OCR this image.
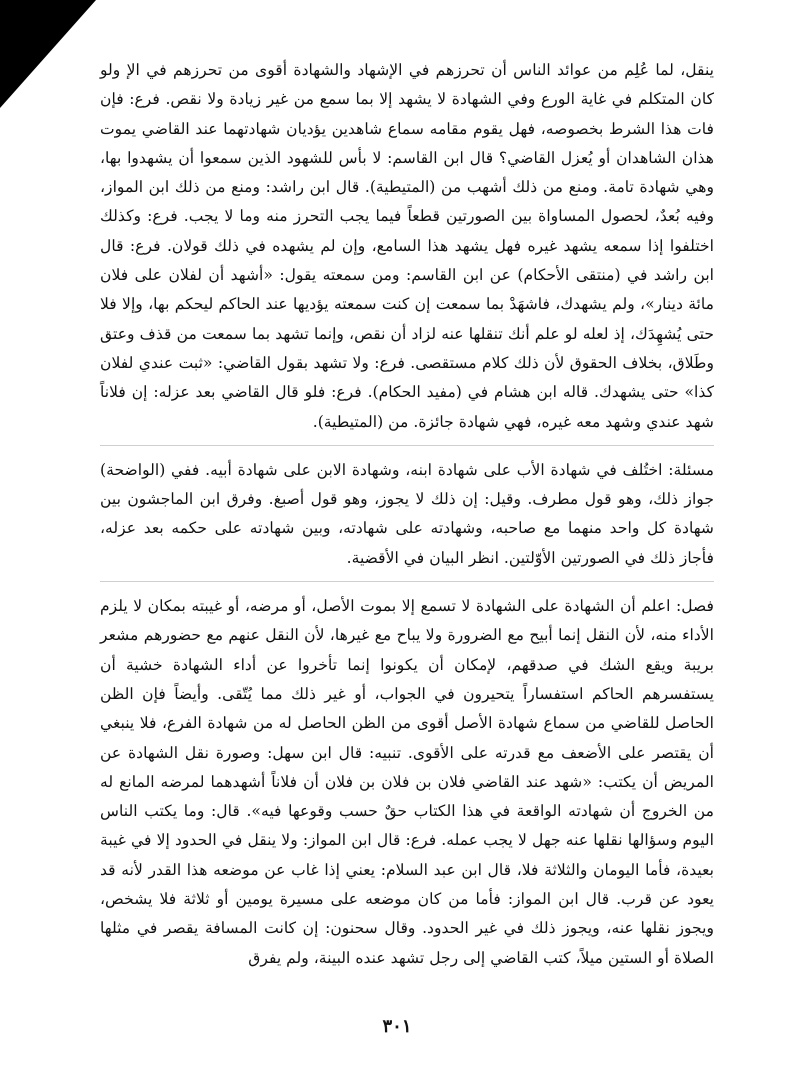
ينقل، لما عُلِم من عوائد الناس أن تحرزهم في الإشهاد والشهادة أقوى من تحرزهم في الإ ولو كان المتكلم في غاية الورع وفي الشهادة لا يشهد إلا بما سمع من غير زيادة ولا نقص. فرع: فإن فات هذا الشرط بخصوصه، فهل يقوم مقامه سماع شاهدين يؤديان شهادتهما عند القاضي يموت هذان الشاهدان أو يُعزل القاضي؟ قال ابن القاسم: لا بأس للشهود الذين سمعوا أن يشهدوا بها، وهي شهادة تامة. ومنع من ذلك أشهب من (المتيطية). قال ابن راشد: ومنع من ذلك ابن المواز، وفيه بُعدٌ، لحصول المساواة بين الصورتين قطعاً فيما يجب التحرز منه وما لا يجب. فرع: وكذلك اختلفوا إذا سمعه يشهد غيره فهل يشهد هذا السامع، وإن لم يشهده في ذلك قولان. فرع: قال ابن راشد في (منتقى الأحكام) عن ابن القاسم: ومن سمعته يقول: «أشهد أن لفلان على فلان مائة دينار»، ولم يشهدك، فاشهَدْ بما سمعت إن كنت سمعته يؤديها عند الحاكم ليحكم بها، وإلا فلا حتى يُشهِدَك، إذ لعله لو علم أنك تنقلها عنه لزاد أن نقص، وإنما تشهد بما سمعت من قذف وعتق وطَلاق، بخلاف الحقوق لأن ذلك كلام مستقصى. فرع: ولا تشهد بقول القاضي: «ثبت عندي لفلان كذا» حتى يشهدك. قاله ابن هشام في (مفيد الحكام). فرع: فلو قال القاضي بعد عزله: إن فلاناً شهد عندي وشهد معه غيره، فهي شهادة جائزة. من (المتيطية).

مسئلة: اختُلف في شهادة الأب على شهادة ابنه، وشهادة الابن على شهادة أبيه. ففي (الواضحة) جواز ذلك، وهو قول مطرف. وقيل: إن ذلك لا يجوز، وهو قول أصبغ. وفرق ابن الماجشون بين شهادة كل واحد منهما مع صاحبه، وشهادته على شهادته، وبين شهادته على حكمه بعد عزله، فأجاز ذلك في الصورتين الأوّلتين. انظر البيان في الأقضية.

فصل: اعلم أن الشهادة على الشهادة لا تسمع إلا بموت الأصل، أو مرضه، أو غيبته بمكان لا يلزم الأداء منه، لأن النقل إنما أبيح مع الضرورة ولا يباح مع غيرها، لأن النقل عنهم مع حضورهم مشعر بريبة ويقع الشك في صدقهم، لإمكان أن يكونوا إنما تأخروا عن أداء الشهادة خشية أن يستفسرهم الحاكم استفساراً يتحيرون في الجواب، أو غير ذلك مما يُتّقى. وأيضاً فإن الظن الحاصل للقاضي من سماع شهادة الأصل أقوى من الظن الحاصل له من شهادة الفرع، فلا ينبغي أن يقتصر على الأضعف مع قدرته على الأقوى. تنبيه: قال ابن سهل: وصورة نقل الشهادة عن المريض أن يكتب: «شهد عند القاضي فلان بن فلان بن فلان أن فلاناً أشهدهما لمرضه المانع له من الخروج أن شهادته الواقعة في هذا الكتاب حقٌ حسب وقوعها فيه». قال: وما يكتب الناس اليوم وسؤالها نقلها عنه جهل لا يجب عمله. فرع: قال ابن المواز: ولا ينقل في الحدود إلا في غيبة بعيدة، فأما اليومان والثلاثة فلا، قال ابن عبد السلام: يعني إذا غاب عن موضعه هذا القدر لأنه قد يعود عن قرب. قال ابن المواز: فأما من كان موضعه على مسيرة يومين أو ثلاثة فلا يشخص، ويجوز نقلها عنه، ويجوز ذلك في غير الحدود. وقال سحنون: إن كانت المسافة يقصر في مثلها الصلاة أو الستين ميلاً، كتب القاضي إلى رجل تشهد عنده البينة، ولم يفرق

٣٠١
